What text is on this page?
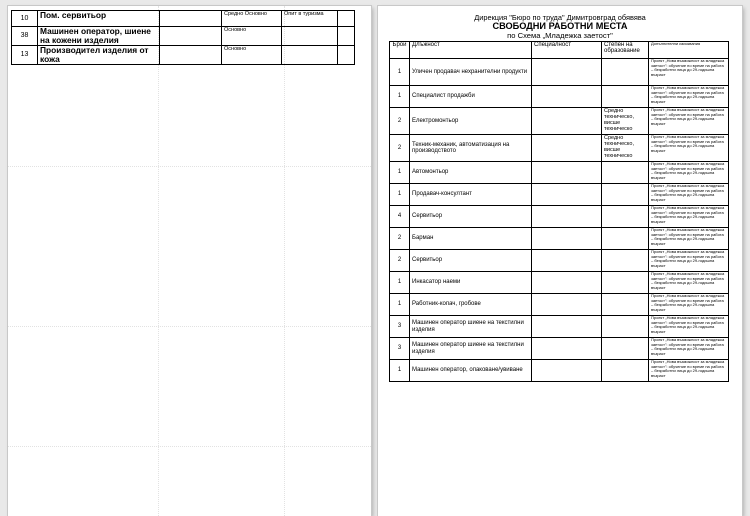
10	Пом. сервитьор		Средно Основно	Опит в туризма	
38	Машинен оператор, шиене на кожени изделия		Основно		
13	Производител изделия от кожа		Основно		
Дирекция "Бюро по труда" Димитровград обявява
СВОБОДНИ РАБОТНИ МЕСТА
по Схема „Младежка заетост"
Брой	Длъжност	Специалност	Степен на образование	Допълнителни изисквания
1	Уличен продавач нехранителни продукти			Проект „Нова възможност за младежка заетост": обучение по време на работа – безработни лица до 29-годишна възраст
1	Специалист продажби			Проект „Нова възможност за младежка заетост": обучение по време на работа – безработни лица до 29-годишна възраст
2	Електромонтьор		Средно техническо, висше техническо	Проект „Нова възможност за младежка заетост": обучение по време на работа – безработни лица до 29-годишна възраст
2	Техник-механик, автоматизация на производството		Средно техническо, висше техническо	Проект „Нова възможност за младежка заетост": обучение по време на работа – безработни лица до 29-годишна възраст
1	Автомонтьор			Проект „Нова възможност за младежка заетост": обучение по време на работа – безработни лица до 29-годишна възраст
1	Продавач-консултант			Проект „Нова възможност за младежка заетост": обучение по време на работа – безработни лица до 29-годишна възраст
4	Сервитьор			Проект „Нова възможност за младежка заетост": обучение по време на работа – безработни лица до 29-годишна възраст
2	Барман			Проект „Нова възможност за младежка заетост": обучение по време на работа – безработни лица до 29-годишна възраст
2	Сервитьор			Проект „Нова възможност за младежка заетост": обучение по време на работа – безработни лица до 29-годишна възраст
1	Инкасатор наеми			Проект „Нова възможност за младежка заетост": обучение по време на работа – безработни лица до 29-годишна възраст
1	Работник-копач, гробове			Проект „Нова възможност за младежка заетост": обучение по време на работа – безработни лица до 29-годишна възраст
3	Машинен оператор шиене на текстилни изделия			Проект „Нова възможност за младежка заетост": обучение по време на работа – безработни лица до 29-годишна възраст
3	Машинен оператор шиене на текстилни изделия			Проект „Нова възможност за младежка заетост": обучение по време на работа – безработни лица до 29-годишна възраст
1	Машинен оператор, опаковане/увиване			Проект „Нова възможност за младежка заетост": обучение по време на работа – безработни лица до 29-годишна възраст
